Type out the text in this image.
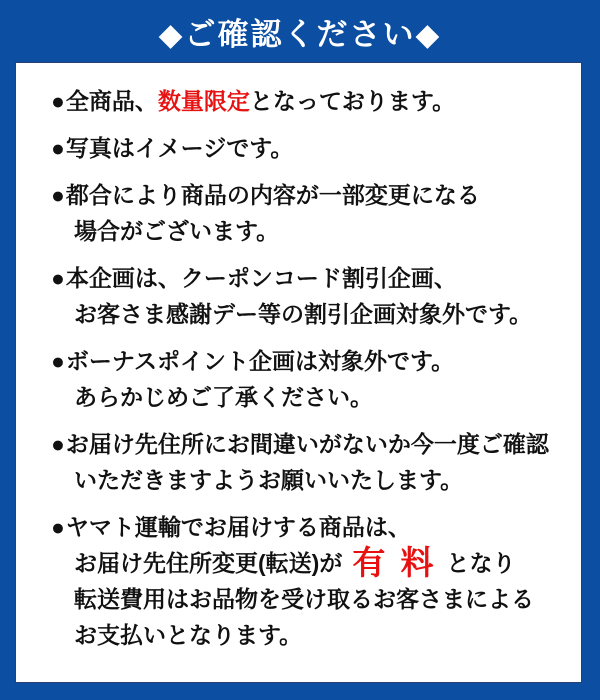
◆ご確認ください◆
●全商品、数量限定となっております。
●写真はイメージです。
●都合により商品の内容が一部変更になる
場合がございます。
●本企画は、クーポンコード割引企画、
お客さま感謝デー等の割引企画対象外です。
●ボーナスポイント企画は対象外です。
あらかじめご了承ください。
●お届け先住所にお間違いがないか今一度ご確認
いただきますようお願いいたします。
●ヤマト運輸でお届けする商品は、
お届け先住所変更(転送)が 有 料 となり
転送費用はお品物を受け取るお客さまによる
お支払いとなります。
